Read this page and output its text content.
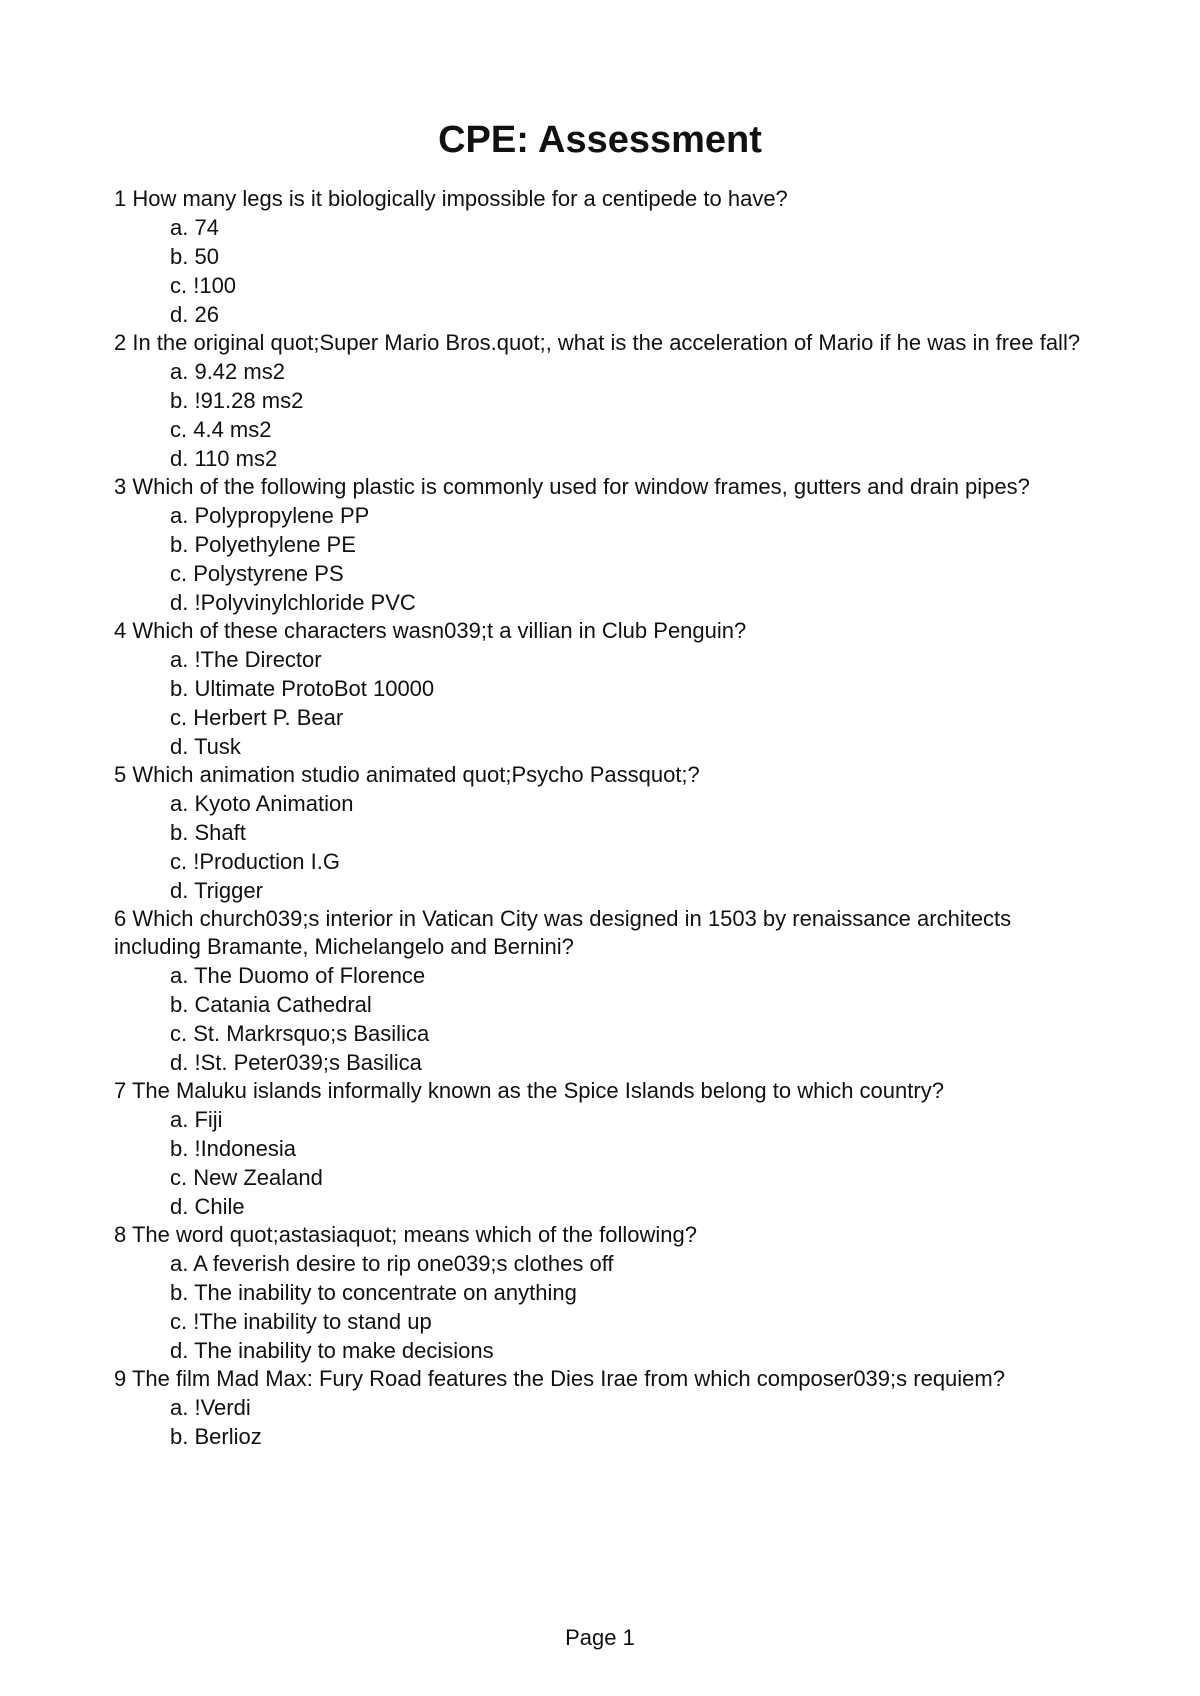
CPE: Assessment

1 How many legs is it biologically impossible for a centipede to have?

a. 74

b. 50

c. !100

d. 26

2 In the original quot;Super Mario Bros.quot;, what is the acceleration of Mario if he was in free fall?

a. 9.42 ms2

b. !91.28 ms2

c. 4.4 ms2

d. 110 ms2

3 Which of the following plastic is commonly used for window frames, gutters and drain pipes?

a. Polypropylene PP

b. Polyethylene PE

c. Polystyrene PS

d. !Polyvinylchloride PVC

4 Which of these characters wasn039;t a villian in Club Penguin?

a. !The Director

b. Ultimate ProtoBot 10000

c. Herbert P. Bear

d. Tusk

5 Which animation studio animated quot;Psycho Passquot;?

a. Kyoto Animation

b. Shaft

c. !Production I.G

d. Trigger

6 Which church039;s interior in Vatican City was designed in 1503 by renaissance architects including Bramante, Michelangelo and Bernini?

a. The Duomo of Florence

b. Catania Cathedral

c. St. Markrsquo;s Basilica

d. !St. Peter039;s Basilica

7 The Maluku islands informally known as the Spice Islands belong to which country?

a. Fiji

b. !Indonesia

c. New Zealand

d. Chile

8 The word quot;astasiaquot; means which of the following?

a. A feverish desire to rip one039;s clothes off

b. The inability to concentrate on anything

c. !The inability to stand up

d. The inability to make decisions

9 The film Mad Max: Fury Road features the Dies Irae from which composer039;s requiem?

a. !Verdi

b. Berlioz

Page 1
